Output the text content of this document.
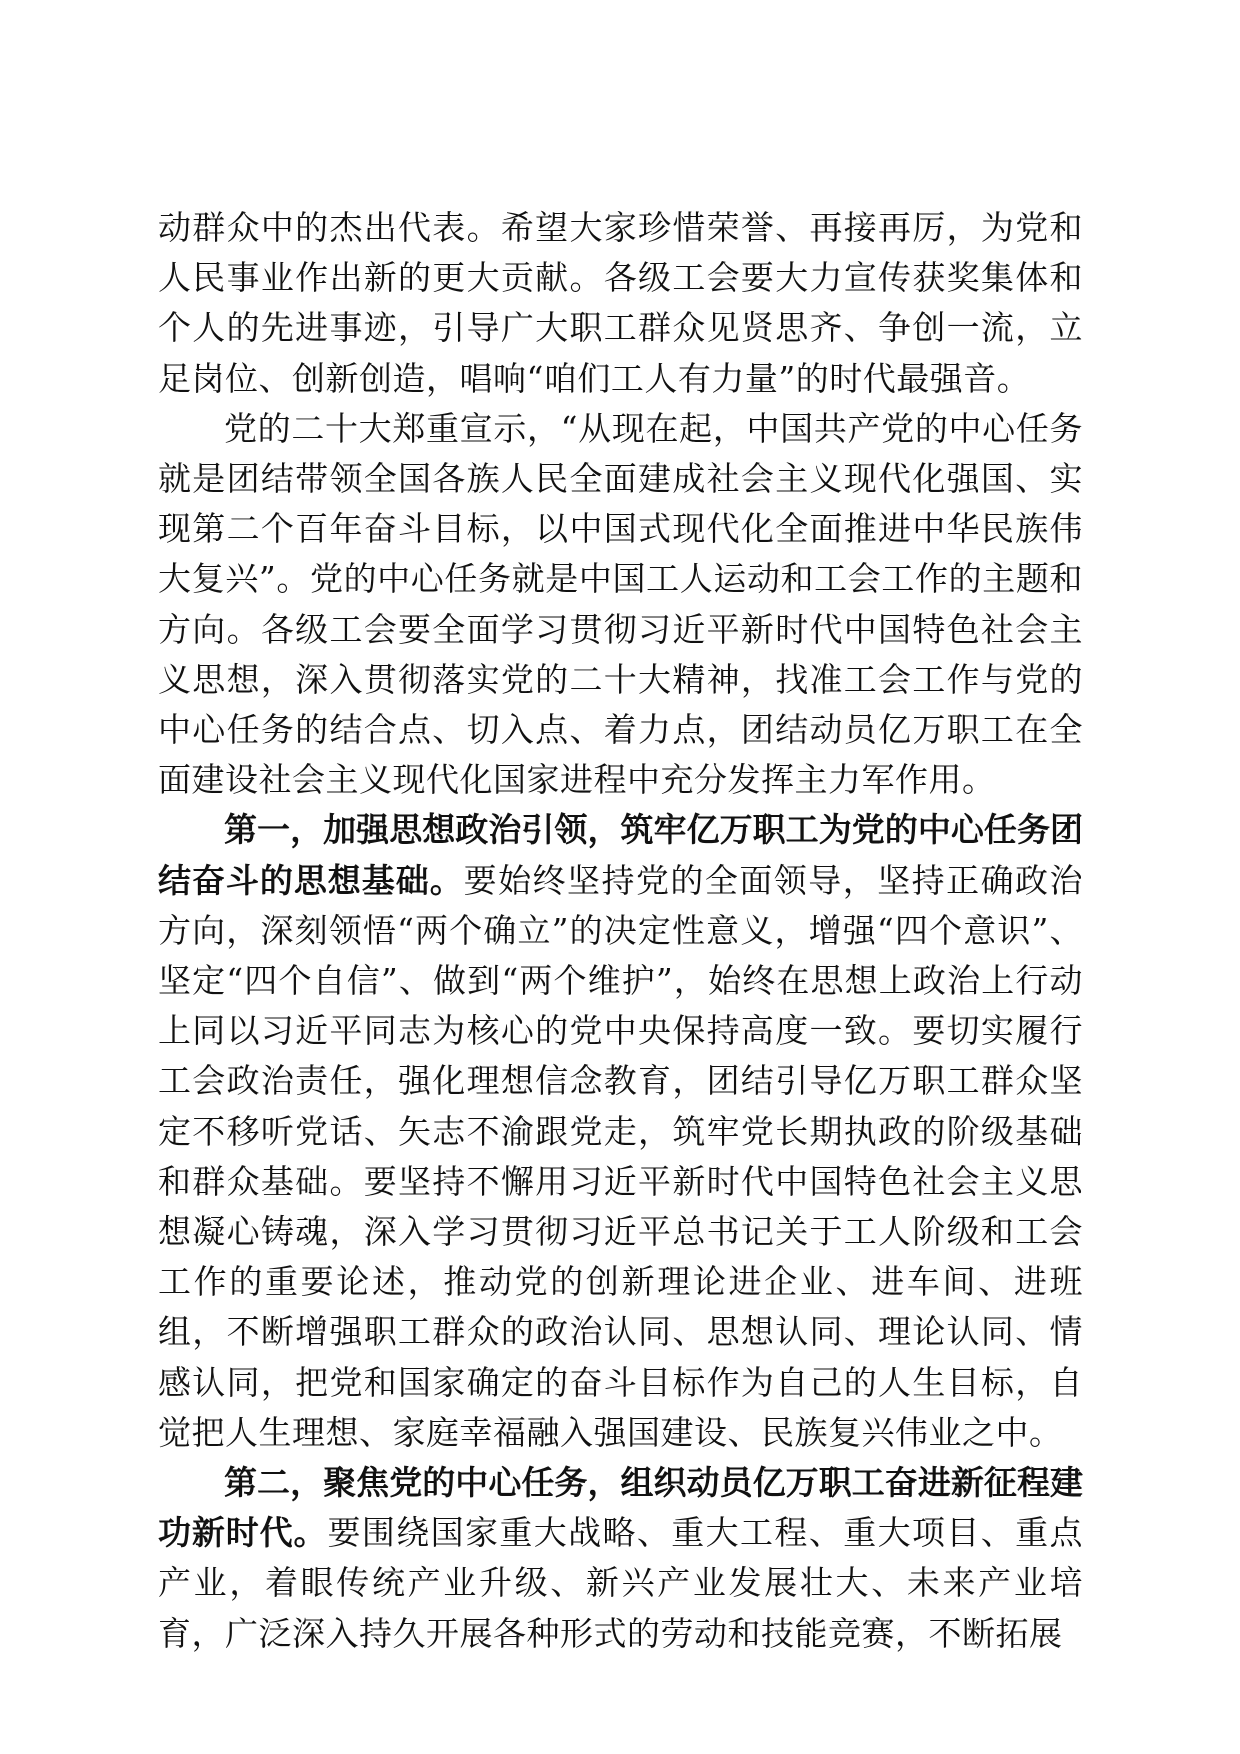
动群众中的杰出代表。希望大家珍惜荣誉、再接再厉，为党和人民事业作出新的更大贡献。各级工会要大力宣传获奖集体和个人的先进事迹，引导广大职工群众见贤思齐、争创一流，立足岗位、创新创造，唱响“咱们工人有力量”的时代最强音。

党的二十大郑重宣示，“从现在起，中国共产党的中心任务就是团结带领全国各族人民全面建成社会主义现代化强国、实现第二个百年奋斗目标，以中国式现代化全面推进中华民族伟大复兴”。党的中心任务就是中国工人运动和工会工作的主题和方向。各级工会要全面学习贯彻习近平新时代中国特色社会主义思想，深入贯彻落实党的二十大精神，找准工会工作与党的中心任务的结合点、切入点、着力点，团结动员亿万职工在全面建设社会主义现代化国家进程中充分发挥主力军作用。

第一，加强思想政治引领，筑牢亿万职工为党的中心任务团结奋斗的思想基础。要始终坚持党的全面领导，坚持正确政治方向，深刻领悟“两个确立”的决定性意义，增强“四个意识”、坚定“四个自信”、做到“两个维护”，始终在思想上政治上行动上同以习近平同志为核心的党中央保持高度一致。要切实履行工会政治责任，强化理想信念教育，团结引导亿万职工群众坚定不移听党话、矢志不渝跟党走，筑牢党长期执政的阶级基础和群众基础。要坚持不懈用习近平新时代中国特色社会主义思想凝心铸魂，深入学习贯彻习近平总书记关于工人阶级和工会工作的重要论述，推动党的创新理论进企业、进车间、进班组，不断增强职工群众的政治认同、思想认同、理论认同、情感认同，把党和国家确定的奋斗目标作为自己的人生目标，自觉把人生理想、家庭幸福融入强国建设、民族复兴伟业之中。

第二，聚焦党的中心任务，组织动员亿万职工奋进新征程建功新时代。要围绕国家重大战略、重大工程、重大项目、重点产业，着眼传统产业升级、新兴产业发展壮大、未来产业培育，广泛深入持久开展各种形式的劳动和技能竞赛，不断拓展
